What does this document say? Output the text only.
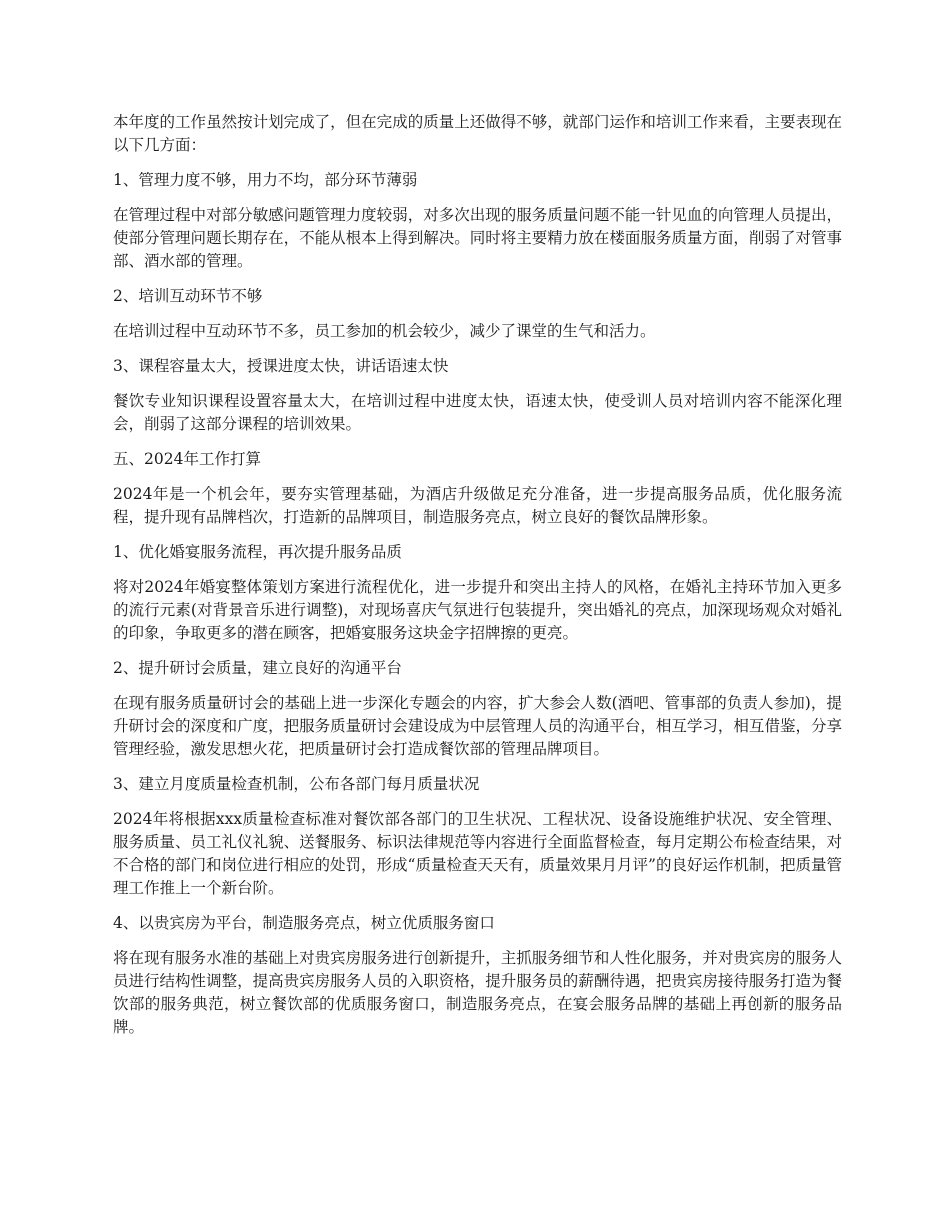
本年度的工作虽然按计划完成了，但在完成的质量上还做得不够，就部门运作和培训工作来看，主要表现在以下几方面：

1、管理力度不够，用力不均，部分环节薄弱

在管理过程中对部分敏感问题管理力度较弱，对多次出现的服务质量问题不能一针见血的向管理人员提出，使部分管理问题长期存在，不能从根本上得到解决。同时将主要精力放在楼面服务质量方面，削弱了对管事部、酒水部的管理。

2、培训互动环节不够

在培训过程中互动环节不多，员工参加的机会较少，减少了课堂的生气和活力。

3、课程容量太大，授课进度太快，讲话语速太快

餐饮专业知识课程设置容量太大，在培训过程中进度太快，语速太快，使受训人员对培训内容不能深化理会，削弱了这部分课程的培训效果。

五、2024年工作打算

2024年是一个机会年，要夯实管理基础，为酒店升级做足充分准备，进一步提高服务品质，优化服务流程，提升现有品牌档次，打造新的品牌项目，制造服务亮点，树立良好的餐饮品牌形象。

1、优化婚宴服务流程，再次提升服务品质

将对2024年婚宴整体策划方案进行流程优化，进一步提升和突出主持人的风格，在婚礼主持环节加入更多的流行元素(对背景音乐进行调整)，对现场喜庆气氛进行包装提升，突出婚礼的亮点，加深现场观众对婚礼的印象，争取更多的潜在顾客，把婚宴服务这块金字招牌擦的更亮。

2、提升研讨会质量，建立良好的沟通平台

在现有服务质量研讨会的基础上进一步深化专题会的内容，扩大参会人数(酒吧、管事部的负责人参加)，提升研讨会的深度和广度，把服务质量研讨会建设成为中层管理人员的沟通平台，相互学习，相互借鉴，分享管理经验，激发思想火花，把质量研讨会打造成餐饮部的管理品牌项目。

3、建立月度质量检查机制，公布各部门每月质量状况

2024年将根据xxx质量检查标准对餐饮部各部门的卫生状况、工程状况、设备设施维护状况、安全管理、服务质量、员工礼仪礼貌、送餐服务、标识法律规范等内容进行全面监督检查，每月定期公布检查结果，对不合格的部门和岗位进行相应的处罚，形成“质量检查天天有，质量效果月月评”的良好运作机制，把质量管理工作推上一个新台阶。

4、以贵宾房为平台，制造服务亮点，树立优质服务窗口

将在现有服务水准的基础上对贵宾房服务进行创新提升，主抓服务细节和人性化服务，并对贵宾房的服务人员进行结构性调整，提高贵宾房服务人员的入职资格，提升服务员的薪酬待遇，把贵宾房接待服务打造为餐饮部的服务典范，树立餐饮部的优质服务窗口，制造服务亮点，在宴会服务品牌的基础上再创新的服务品牌。
